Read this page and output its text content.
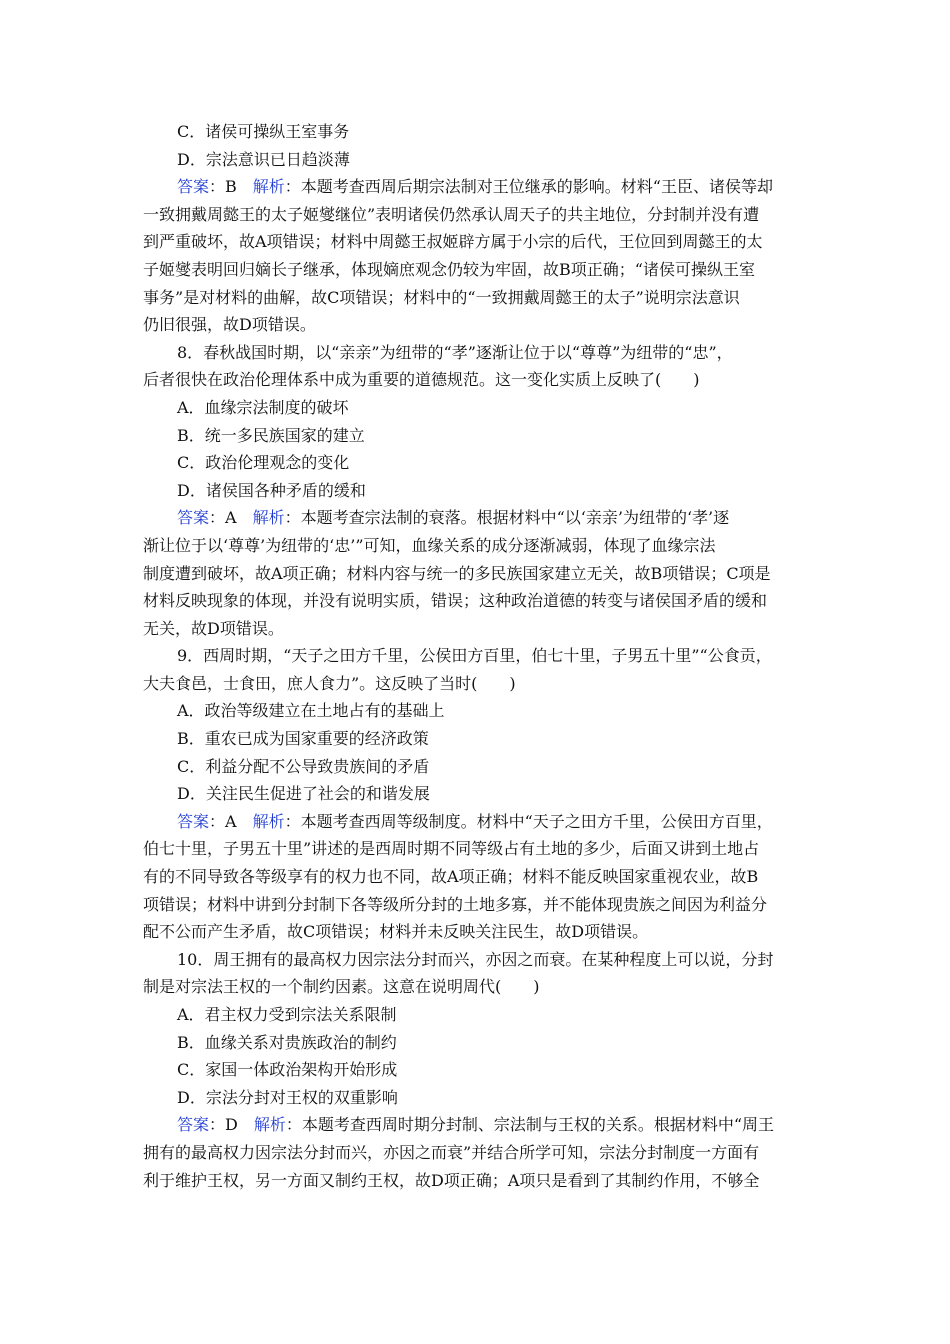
C．诸侯可操纵王室事务
D．宗法意识已日趋淡薄
答案：B 解析：本题考查西周后期宗法制对王位继承的影响。材料“王臣、诸侯等却
一致拥戴周懿王的太子姬燮继位”表明诸侯仍然承认周天子的共主地位，分封制并没有遭
到严重破坏，故A项错误；材料中周懿王叔姬辟方属于小宗的后代，王位回到周懿王的太
子姬燮表明回归嫡长子继承，体现嫡庶观念仍较为牢固，故B项正确；“诸侯可操纵王室
事务”是对材料的曲解，故C项错误；材料中的“一致拥戴周懿王的太子”说明宗法意识
仍旧很强，故D项错误。
8．春秋战国时期，以“亲亲”为纽带的“孝”逐渐让位于以“尊尊”为纽带的“忠”，
后者很快在政治伦理体系中成为重要的道德规范。这一变化实质上反映了(　　)
A．血缘宗法制度的破坏
B．统一多民族国家的建立
C．政治伦理观念的变化
D．诸侯国各种矛盾的缓和
答案：A 解析：本题考查宗法制的衰落。根据材料中“以‘亲亲’为纽带的‘孝’逐
渐让位于以‘尊尊’为纽带的‘忠’”可知，血缘关系的成分逐渐减弱，体现了血缘宗法
制度遭到破坏，故A项正确；材料内容与统一的多民族国家建立无关，故B项错误；C项是
材料反映现象的体现，并没有说明实质，错误；这种政治道德的转变与诸侯国矛盾的缓和
无关，故D项错误。
9．西周时期，“天子之田方千里，公侯田方百里，伯七十里，子男五十里”“公食贡，
大夫食邑，士食田，庶人食力”。这反映了当时(　　)
A．政治等级建立在土地占有的基础上
B．重农已成为国家重要的经济政策
C．利益分配不公导致贵族间的矛盾
D．关注民生促进了社会的和谐发展
答案：A 解析：本题考查西周等级制度。材料中“天子之田方千里，公侯田方百里，
伯七十里，子男五十里”讲述的是西周时期不同等级占有土地的多少，后面又讲到土地占
有的不同导致各等级享有的权力也不同，故A项正确；材料不能反映国家重视农业，故B
项错误；材料中讲到分封制下各等级所分封的土地多寡，并不能体现贵族之间因为利益分
配不公而产生矛盾，故C项错误；材料并未反映关注民生，故D项错误。
10．周王拥有的最高权力因宗法分封而兴，亦因之而衰。在某种程度上可以说，分封
制是对宗法王权的一个制约因素。这意在说明周代(　　)
A．君主权力受到宗法关系限制
B．血缘关系对贵族政治的制约
C．家国一体政治架构开始形成
D．宗法分封对王权的双重影响
答案：D 解析：本题考查西周时期分封制、宗法制与王权的关系。根据材料中“周王
拥有的最高权力因宗法分封而兴，亦因之而衰”并结合所学可知，宗法分封制度一方面有
利于维护王权，另一方面又制约王权，故D项正确；A项只是看到了其制约作用，不够全
